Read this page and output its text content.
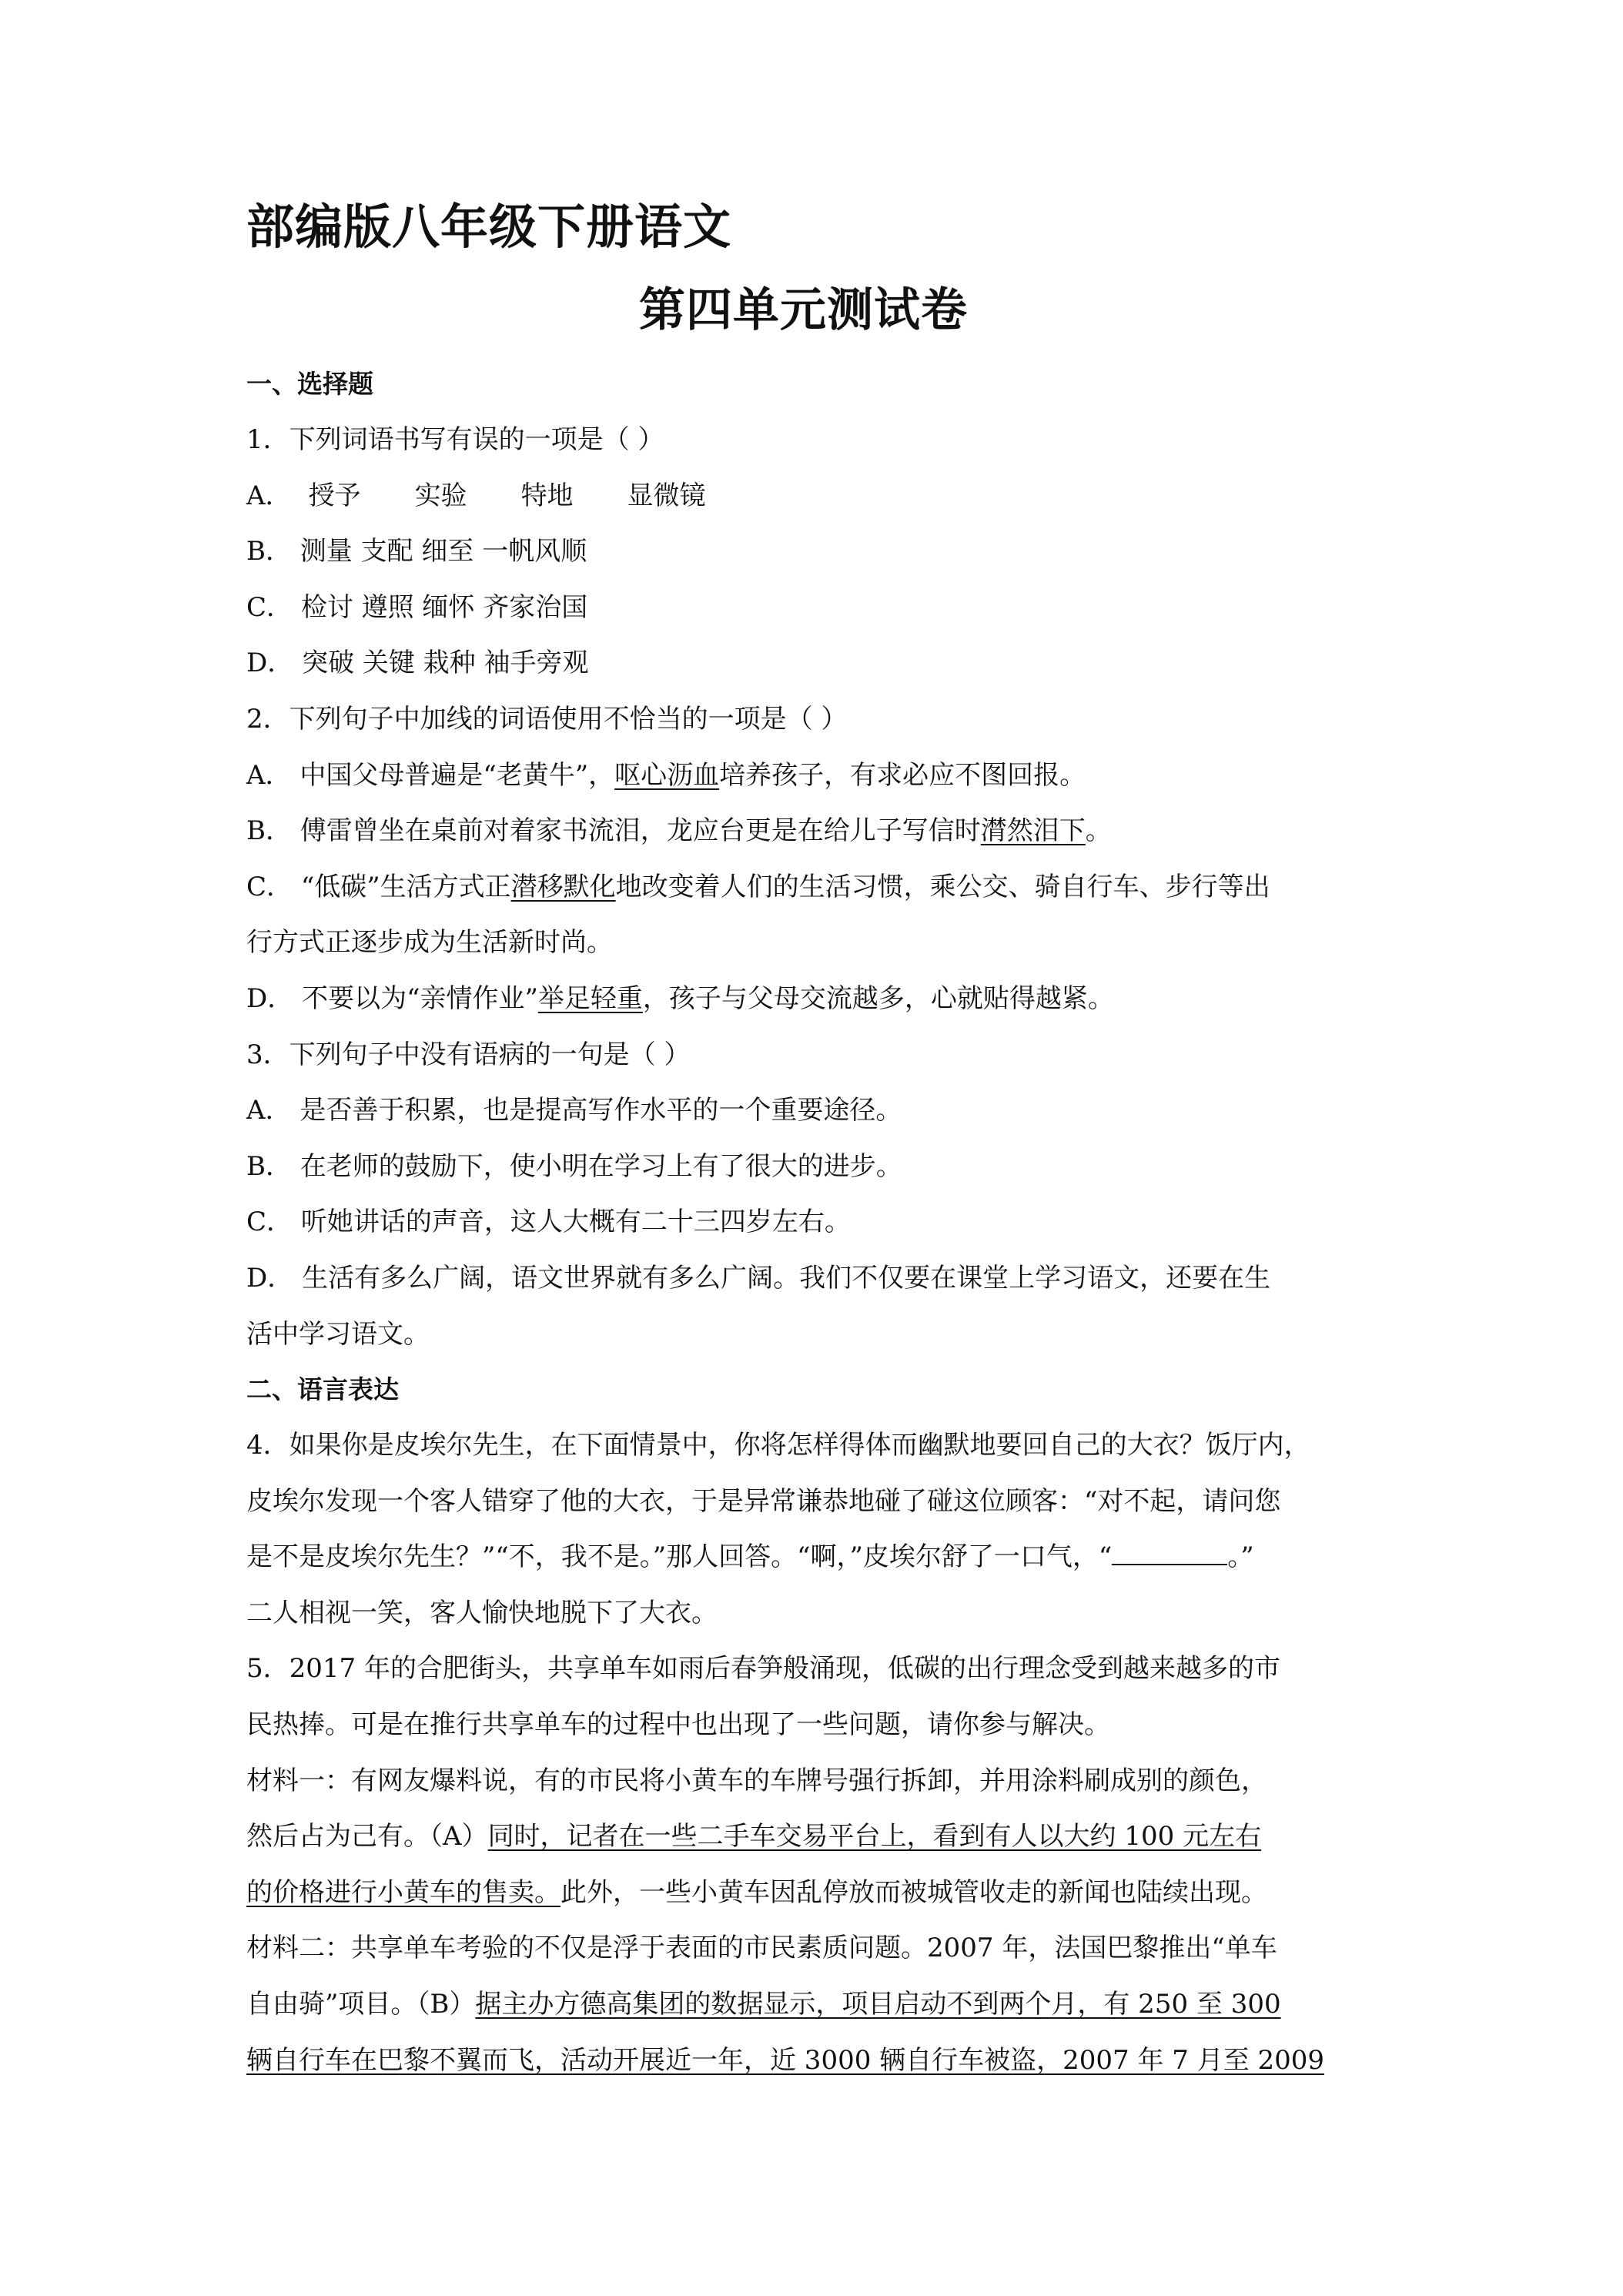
部编版八年级下册语文
第四单元测试卷
一、选择题
1．下列词语书写有误的一项是（ ）
A． 授予 实验 特地 显微镜
B． 测量 支配 细至 一帆风顺
C． 检讨 遵照 缅怀 齐家治国
D． 突破 关键 栽种 袖手旁观
2．下列句子中加线的词语使用不恰当的一项是（ ）
A． 中国父母普遍是“老黄牛”，呕心沥血培养孩子，有求必应不图回报。
B． 傅雷曾坐在桌前对着家书流泪，龙应台更是在给儿子写信时潸然泪下。
C． “低碳”生活方式正潜移默化地改变着人们的生活习惯，乘公交、骑自行车、步行等出
行方式正逐步成为生活新时尚。
D． 不要以为“亲情作业”举足轻重，孩子与父母交流越多，心就贴得越紧。
3．下列句子中没有语病的一句是（ ）
A． 是否善于积累，也是提高写作水平的一个重要途径。
B． 在老师的鼓励下，使小明在学习上有了很大的进步。
C． 听她讲话的声音，这人大概有二十三四岁左右。
D． 生活有多么广阔，语文世界就有多么广阔。我们不仅要在课堂上学习语文，还要在生
活中学习语文。
二、语言表达
4．如果你是皮埃尔先生，在下面情景中，你将怎样得体而幽默地要回自己的大衣？饭厅内，
皮埃尔发现一个客人错穿了他的大衣，于是异常谦恭地碰了碰这位顾客：“对不起，请问您
是不是皮埃尔先生？”“不，我不是。”那人回答。“啊，”皮埃尔舒了一口气，“	。”
二人相视一笑，客人愉快地脱下了大衣。
5．2017 年的合肥街头，共享单车如雨后春笋般涌现，低碳的出行理念受到越来越多的市
民热捧。可是在推行共享单车的过程中也出现了一些问题，请你参与解决。
材料一：有网友爆料说，有的市民将小黄车的车牌号强行拆卸，并用涂料刷成别的颜色，
然后占为己有。（A）同时，记者在一些二手车交易平台上，看到有人以大约 100 元左右
的价格进行小黄车的售卖。此外，一些小黄车因乱停放而被城管收走的新闻也陆续出现。
材料二：共享单车考验的不仅是浮于表面的市民素质问题。2007 年，法国巴黎推出“单车
自由骑”项目。（B）据主办方德高集团的数据显示，项目启动不到两个月，有 250 至 300
辆自行车在巴黎不翼而飞，活动开展近一年，近 3000 辆自行车被盗，2007 年 7 月至 2009
